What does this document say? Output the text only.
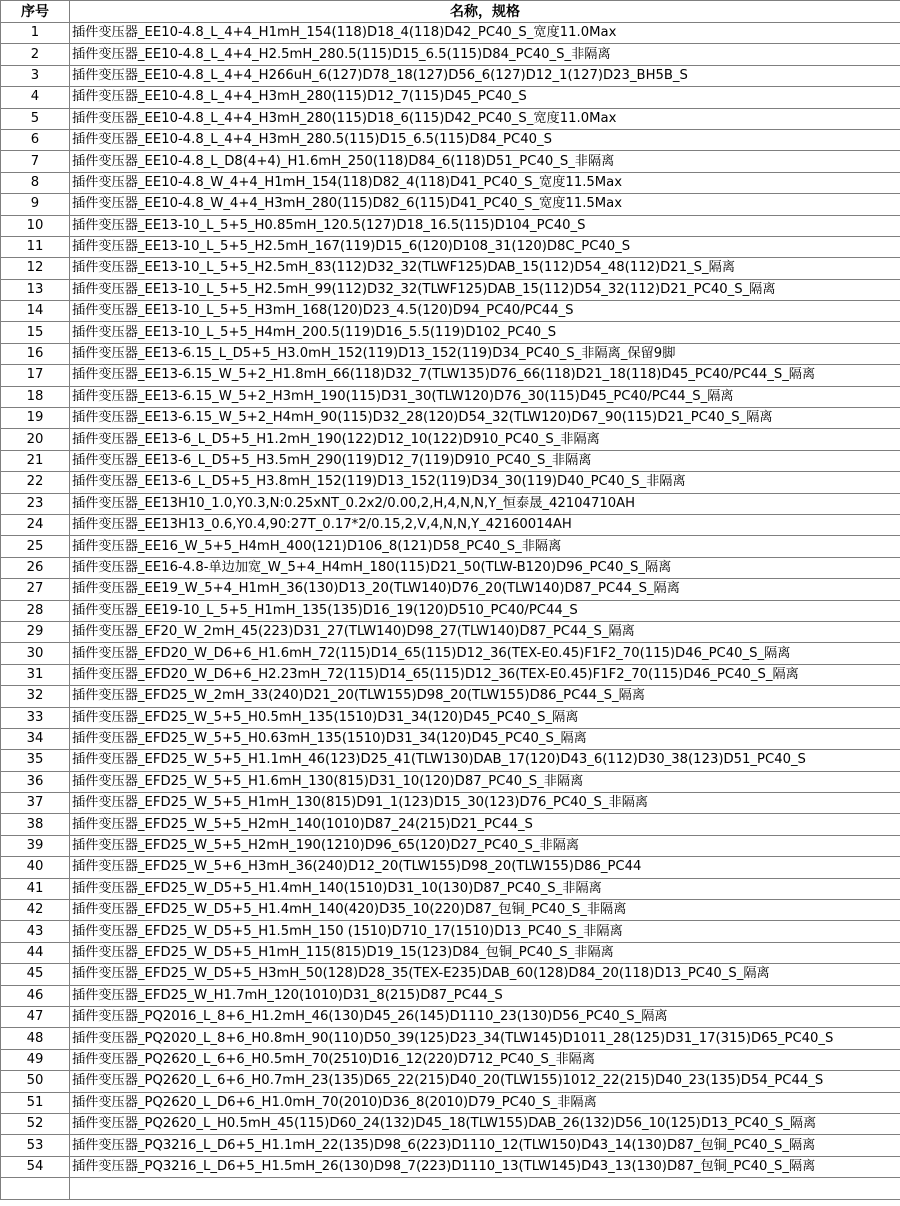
序号	名称，规格
1	插件变压器_EE10-4.8_L_4+4_H1mH_154(118)D18_4(118)D42_PC40_S_宽度11.0Max
2	插件变压器_EE10-4.8_L_4+4_H2.5mH_280.5(115)D15_6.5(115)D84_PC40_S_非隔离
3	插件变压器_EE10-4.8_L_4+4_H266uH_6(127)D78_18(127)D56_6(127)D12_1(127)D23_BH5B_S
4	插件变压器_EE10-4.8_L_4+4_H3mH_280(115)D12_7(115)D45_PC40_S
5	插件变压器_EE10-4.8_L_4+4_H3mH_280(115)D18_6(115)D42_PC40_S_宽度11.0Max
6	插件变压器_EE10-4.8_L_4+4_H3mH_280.5(115)D15_6.5(115)D84_PC40_S
7	插件变压器_EE10-4.8_L_D8(4+4)_H1.6mH_250(118)D84_6(118)D51_PC40_S_非隔离
8	插件变压器_EE10-4.8_W_4+4_H1mH_154(118)D82_4(118)D41_PC40_S_宽度11.5Max
9	插件变压器_EE10-4.8_W_4+4_H3mH_280(115)D82_6(115)D41_PC40_S_宽度11.5Max
10	插件变压器_EE13-10_L_5+5_H0.85mH_120.5(127)D18_16.5(115)D104_PC40_S
11	插件变压器_EE13-10_L_5+5_H2.5mH_167(119)D15_6(120)D108_31(120)D8C_PC40_S
12	插件变压器_EE13-10_L_5+5_H2.5mH_83(112)D32_32(TLWF125)DAB_15(112)D54_48(112)D21_S_隔离
13	插件变压器_EE13-10_L_5+5_H2.5mH_99(112)D32_32(TLWF125)DAB_15(112)D54_32(112)D21_PC40_S_隔离
14	插件变压器_EE13-10_L_5+5_H3mH_168(120)D23_4.5(120)D94_PC40/PC44_S
15	插件变压器_EE13-10_L_5+5_H4mH_200.5(119)D16_5.5(119)D102_PC40_S
16	插件变压器_EE13-6.15_L_D5+5_H3.0mH_152(119)D13_152(119)D34_PC40_S_非隔离_保留9脚
17	插件变压器_EE13-6.15_W_5+2_H1.8mH_66(118)D32_7(TLW135)D76_66(118)D21_18(118)D45_PC40/PC44_S_隔离
18	插件变压器_EE13-6.15_W_5+2_H3mH_190(115)D31_30(TLW120)D76_30(115)D45_PC40/PC44_S_隔离
19	插件变压器_EE13-6.15_W_5+2_H4mH_90(115)D32_28(120)D54_32(TLW120)D67_90(115)D21_PC40_S_隔离
20	插件变压器_EE13-6_L_D5+5_H1.2mH_190(122)D12_10(122)D910_PC40_S_非隔离
21	插件变压器_EE13-6_L_D5+5_H3.5mH_290(119)D12_7(119)D910_PC40_S_非隔离
22	插件变压器_EE13-6_L_D5+5_H3.8mH_152(119)D13_152(119)D34_30(119)D40_PC40_S_非隔离
23	插件变压器_EE13H10_1.0,Y0.3,N:0.25xNT_0.2x2/0.00,2,H,4,N,N,Y_恒泰晟_42104710AH
24	插件变压器_EE13H13_0.6,Y0.4,90:27T_0.17*2/0.15,2,V,4,N,N,Y_42160014AH
25	插件变压器_EE16_W_5+5_H4mH_400(121)D106_8(121)D58_PC40_S_非隔离
26	插件变压器_EE16-4.8-单边加宽_W_5+4_H4mH_180(115)D21_50(TLW-B120)D96_PC40_S_隔离
27	插件变压器_EE19_W_5+4_H1mH_36(130)D13_20(TLW140)D76_20(TLW140)D87_PC44_S_隔离
28	插件变压器_EE19-10_L_5+5_H1mH_135(135)D16_19(120)D510_PC40/PC44_S
29	插件变压器_EF20_W_2mH_45(223)D31_27(TLW140)D98_27(TLW140)D87_PC44_S_隔离
30	插件变压器_EFD20_W_D6+6_H1.6mH_72(115)D14_65(115)D12_36(TEX-E0.45)F1F2_70(115)D46_PC40_S_隔离
31	插件变压器_EFD20_W_D6+6_H2.23mH_72(115)D14_65(115)D12_36(TEX-E0.45)F1F2_70(115)D46_PC40_S_隔离
32	插件变压器_EFD25_W_2mH_33(240)D21_20(TLW155)D98_20(TLW155)D86_PC44_S_隔离
33	插件变压器_EFD25_W_5+5_H0.5mH_135(1510)D31_34(120)D45_PC40_S_隔离
34	插件变压器_EFD25_W_5+5_H0.63mH_135(1510)D31_34(120)D45_PC40_S_隔离
35	插件变压器_EFD25_W_5+5_H1.1mH_46(123)D25_41(TLW130)DAB_17(120)D43_6(112)D30_38(123)D51_PC40_S
36	插件变压器_EFD25_W_5+5_H1.6mH_130(815)D31_10(120)D87_PC40_S_非隔离
37	插件变压器_EFD25_W_5+5_H1mH_130(815)D91_1(123)D15_30(123)D76_PC40_S_非隔离
38	插件变压器_EFD25_W_5+5_H2mH_140(1010)D87_24(215)D21_PC44_S
39	插件变压器_EFD25_W_5+5_H2mH_190(1210)D96_65(120)D27_PC40_S_非隔离
40	插件变压器_EFD25_W_5+6_H3mH_36(240)D12_20(TLW155)D98_20(TLW155)D86_PC44
41	插件变压器_EFD25_W_D5+5_H1.4mH_140(1510)D31_10(130)D87_PC40_S_非隔离
42	插件变压器_EFD25_W_D5+5_H1.4mH_140(420)D35_10(220)D87_包铜_PC40_S_非隔离
43	插件变压器_EFD25_W_D5+5_H1.5mH_150 (1510)D710_17(1510)D13_PC40_S_非隔离
44	插件变压器_EFD25_W_D5+5_H1mH_115(815)D19_15(123)D84_包铜_PC40_S_非隔离
45	插件变压器_EFD25_W_D5+5_H3mH_50(128)D28_35(TEX-E235)DAB_60(128)D84_20(118)D13_PC40_S_隔离
46	插件变压器_EFD25_W_H1.7mH_120(1010)D31_8(215)D87_PC44_S
47	插件变压器_PQ2016_L_8+6_H1.2mH_46(130)D45_26(145)D1110_23(130)D56_PC40_S_隔离
48	插件变压器_PQ2020_L_8+6_H0.8mH_90(110)D50_39(125)D23_34(TLW145)D1011_28(125)D31_17(315)D65_PC40_S
49	插件变压器_PQ2620_L_6+6_H0.5mH_70(2510)D16_12(220)D712_PC40_S_非隔离
50	插件变压器_PQ2620_L_6+6_H0.7mH_23(135)D65_22(215)D40_20(TLW155)1012_22(215)D40_23(135)D54_PC44_S
51	插件变压器_PQ2620_L_D6+6_H1.0mH_70(2010)D36_8(2010)D79_PC40_S_非隔离
52	插件变压器_PQ2620_L_H0.5mH_45(115)D60_24(132)D45_18(TLW155)DAB_26(132)D56_10(125)D13_PC40_S_隔离
53	插件变压器_PQ3216_L_D6+5_H1.1mH_22(135)D98_6(223)D1110_12(TLW150)D43_14(130)D87_包铜_PC40_S_隔离
54	插件变压器_PQ3216_L_D6+5_H1.5mH_26(130)D98_7(223)D1110_13(TLW145)D43_13(130)D87_包铜_PC40_S_隔离
